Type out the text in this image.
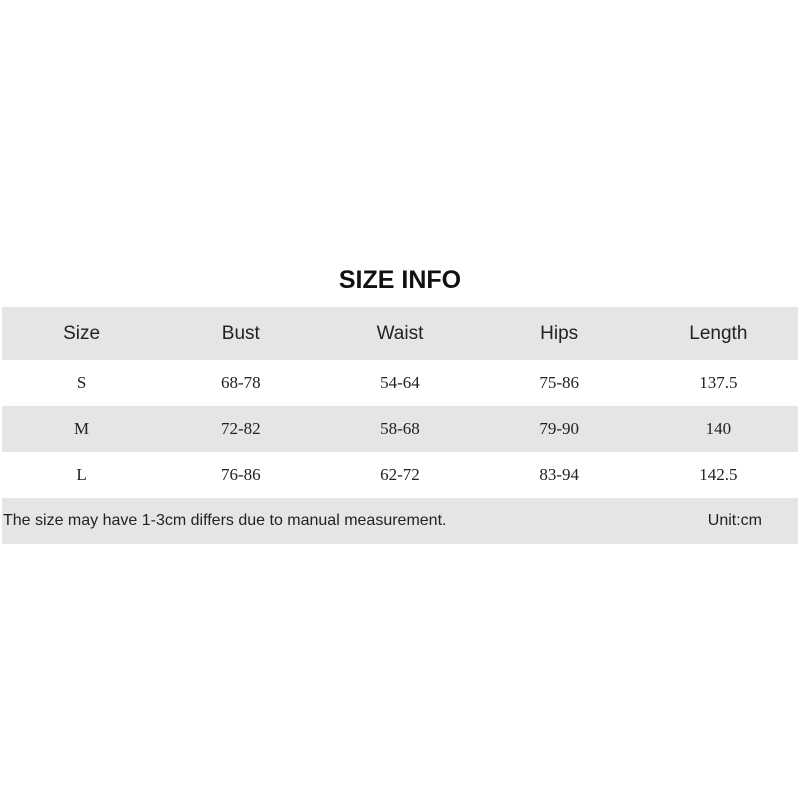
SIZE INFO
Size	Bust	Waist	Hips	Length
S	68-78	54-64	75-86	137.5
M	72-82	58-68	79-90	140
L	76-86	62-72	83-94	142.5
The size may have 1-3cm differs due to manual measurement.	Unit:cm
